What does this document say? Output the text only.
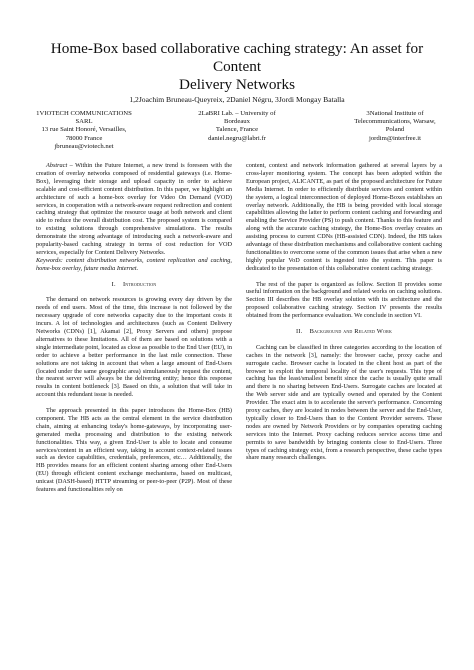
Home-Box based collaborative caching strategy: An asset for Content
Delivery Networks
1,2Joachim Bruneau-Queyreix, 2Daniel Négru, 3Jordi Mongay Batalla
1VIOTECH COMMUNICATIONS
SARL
13 rue Saint Honoré, Versailles,
78000 France
jbruneau@viotech.net
2LaBRI Lab. – University of
Bordeaux
Talence, France
daniel.negru@labri.fr
3National Institute of
Telecommunications, Warsaw,
Poland
jordim@interfree.it

Abstract – Within the Future Internet, a new trend is foreseen with the creation of overlay networks composed of residential gateways (i.e. Home-Box), leveraging their storage and upload capacity in order to achieve scalable and cost-efficient content distribution. In this paper, we highlight an architecture of such a home-box overlay for Video On Demand (VOD) services, in cooperation with a network-aware request redirection and content caching strategy that optimize the resource usage at both network and client side to reduce the overall distribution cost. The proposed system is compared to existing solutions through comprehensive simulations. The results demonstrate the strong advantage of introducing such a network-aware and popularity-based caching strategy in terms of cost reduction for VOD services, especially for Content Delivery Networks.

Keywords: content distribution networks, content replication and caching, home-box overlay, future media Internet.

I. Introduction

The demand on network resources is growing every day driven by the needs of end users. Most of the time, this increase is not followed by the necessary upgrade of core networks capacity due to the important costs it incurs. A lot of technologies and architectures (such as Content Delivery Networks (CDNs) [1], Akamai [2], Proxy Servers and others) propose alternatives to these limitations. All of them are based on solutions with a single intermediate point, located as close as possible to the End User (EU), in order to achieve a better performance in the last mile connection. These solutions are not taking in account that when a large amount of End-Users (located under the same geographic area) simultaneously request the content, the nearest server will always be the delivering entity; hence this response results in content bottleneck [3]. Based on this, a solution that will take in account this redundant issue is needed.

The approach presented in this paper introduces the Home-Box (HB) component. The HB acts as the central element in the service distribution chain, aiming at enhancing today's home-gateways, by incorporating user-generated media processing and distribution to the existing network functionalities. This way, a given End-User is able to locate and consume services/content in an efficient way, taking in account context-related issues such as device capabilities, credentials, preferences, etc… Additionally, the HB provides means for an efficient content sharing among other End-Users (EU) through efficient content exchange mechanisms, based on multicast, unicast (DASH-based) HTTP streaming or peer-to-peer (P2P). Most of these features and functionalities rely on

content, context and network information gathered at several layers by a cross-layer monitoring system. The concept has been adopted within the European project, ALICANTE, as part of the proposed architecture for Future Media Internet. In order to efficiently distribute services and content within the system, a logical interconnection of deployed Home-Boxes establishes an overlay network. Additionally, the HB is being provided with local storage capabilities allowing the latter to perform content caching and forwarding and enabling the Service Provider (PS) to push content. Thanks to this feature and along with the accurate caching strategy, the Home-Box overlay creates an assisting process to current CDNs (HB-assisted CDN). Indeed, the HB takes advantage of these distribution mechanisms and collaborative content caching functionalities to overcome some of the common issues that arise when a new highly popular VoD content is ingested into the system. This paper is dedicated to the presentation of this collaborative content caching strategy.

The rest of the paper is organized as follow. Section II provides some useful information on the background and related works on caching solutions. Section III describes the HB overlay solution with its architecture and the proposed collaborative caching strategy. Section IV presents the results obtained from the performance evaluation. We conclude in section VI.

II. Background and Related Work

Caching can be classified in three categories according to the location of caches in the network [3], namely: the browser cache, proxy cache and surrogate cache. Browser cache is located in the client host as part of the browser to exploit the temporal locality of the user's requests. This type of caching has the least/smallest benefit since the cache is usually quite small and there is no sharing between End-Users. Surrogate caches are located at the Web server side and are typically owned and operated by the Content Provider. The exact aim is to accelerate the server's performance. Concerning proxy caches, they are located in nodes between the server and the End-User, typically closer to End-Users than to the Content Provider servers. These nodes are owned by Network Providers or by companies operating caching services into the Internet. Proxy caching reduces service access time and permits to save bandwidth by bringing contents close to End-Users. Three types of caching strategy exist, from a research perspective, these cache types share many research challenges.
